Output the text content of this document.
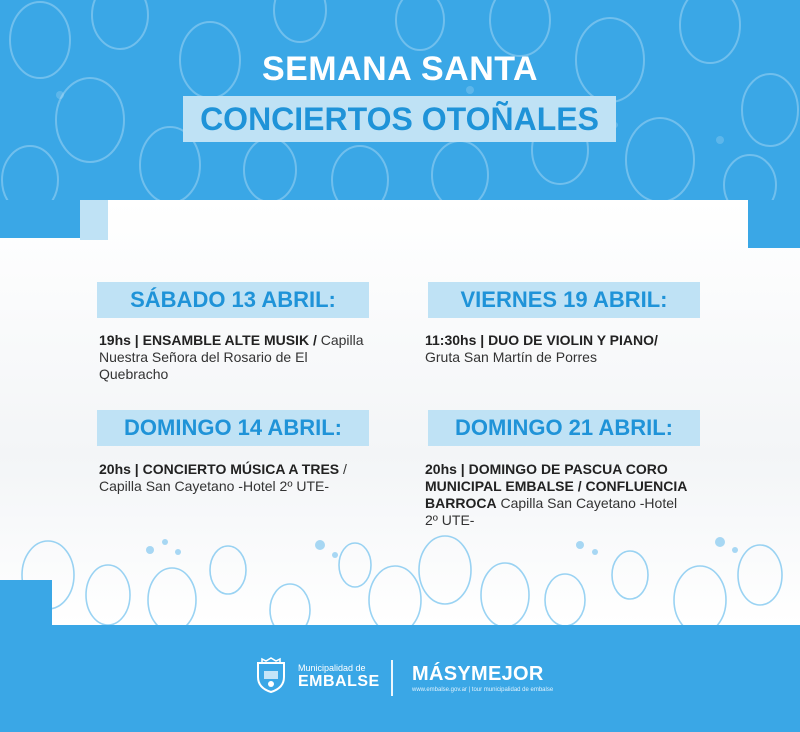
SEMANA SANTA
CONCIERTOS OTOÑALES
SÁBADO 13 ABRIL:
19hs | ENSAMBLE ALTE MUSIK / Capilla Nuestra Señora del Rosario de El Quebracho
VIERNES 19 ABRIL:
11:30hs | DUO DE VIOLIN Y PIANO/ Gruta San Martín de Porres
DOMINGO 14 ABRIL:
20hs | CONCIERTO MÚSICA A TRES / Capilla San Cayetano -Hotel 2º UTE-
DOMINGO 21 ABRIL:
20hs | DOMINGO DE PASCUA CORO MUNICIPAL EMBALSE / CONFLUENCIA BARROCA Capilla San Cayetano -Hotel 2º UTE-
Municipalidad de
EMBALSE MÁSYMEJOR
www.embalse.gov.ar | tour municipalidad de embalse
